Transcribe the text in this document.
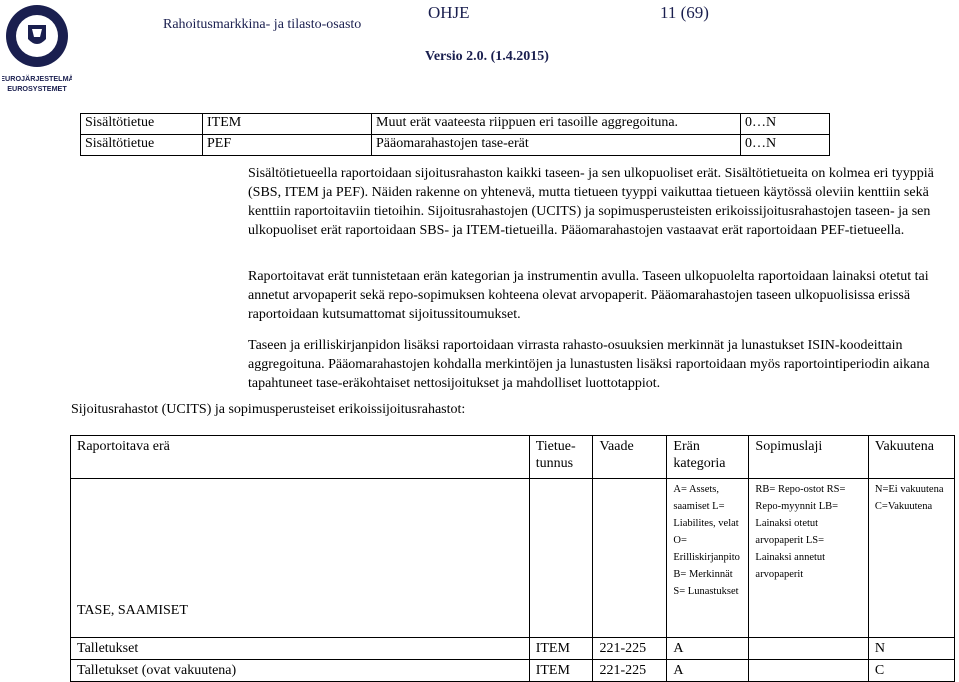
EUROJÄRJESTELMÄ
EUROSYSTEMET
Rahoitusmarkkina- ja tilasto-osasto
OHJE	11 (69)
Versio 2.0. (1.4.2015)
Sisältötietue	ITEM	Muut erät vaateesta riippuen eri tasoille aggregoituna.	0…N
Sisältötietue	PEF	Pääomarahastojen tase-erät	0…N
Sisältötietueella raportoidaan sijoitusrahaston kaikki taseen- ja sen ulkopuoliset erät. Sisältötietueita on kolmea eri tyyppiä (SBS, ITEM ja PEF). Näiden rakenne on yhtenevä, mutta tietueen tyyppi vaikuttaa tietueen käytössä oleviin kenttiin sekä kenttiin raportoitaviin tietoihin. Sijoitusrahastojen (UCITS) ja sopimusperusteisten erikoissijoitusrahastojen taseen- ja sen ulkopuoliset erät raportoidaan SBS- ja ITEM-tietueilla. Pääomarahastojen vastaavat erät raportoidaan PEF-tietueella.
Raportoitavat erät tunnistetaan erän kategorian ja instrumentin avulla. Taseen ulkopuolelta raportoidaan lainaksi otetut tai annetut arvopaperit sekä repo-sopimuksen kohteena olevat arvopaperit. Pääomarahastojen taseen ulkopuolisissa erissä raportoidaan kutsumattomat sijoitussitoumukset.
Taseen ja erilliskirjanpidon lisäksi raportoidaan virrasta rahasto-osuuksien merkinnät ja lunastukset ISIN-koodeittain aggregoituna. Pääomarahastojen kohdalla merkintöjen ja lunastusten lisäksi raportoidaan myös raportointiperiodin aikana tapahtuneet tase-eräkohtaiset nettosijoitukset ja mahdolliset luottotappiot.
Sijoitusrahastot (UCITS) ja sopimusperusteiset erikoissijoitusrahastot:
Raportoitava erä	Tietue-tunnus	Vaade	Erän kategoria	Sopimuslaji	Vakuutena
TASE, SAAMISET			A= Assets, saamiset L= Liabilites, velat O= Erilliskirjanpito B= Merkinnät S= Lunastukset	RB= Repo-ostot RS= Repo-myynnit LB= Lainaksi otetut arvopaperit LS= Lainaksi annetut arvopaperit	N=Ei vakuutena C=Vakuutena
Talletukset	ITEM	221-225	A		N
Talletukset (ovat vakuutena)	ITEM	221-225	A		C
